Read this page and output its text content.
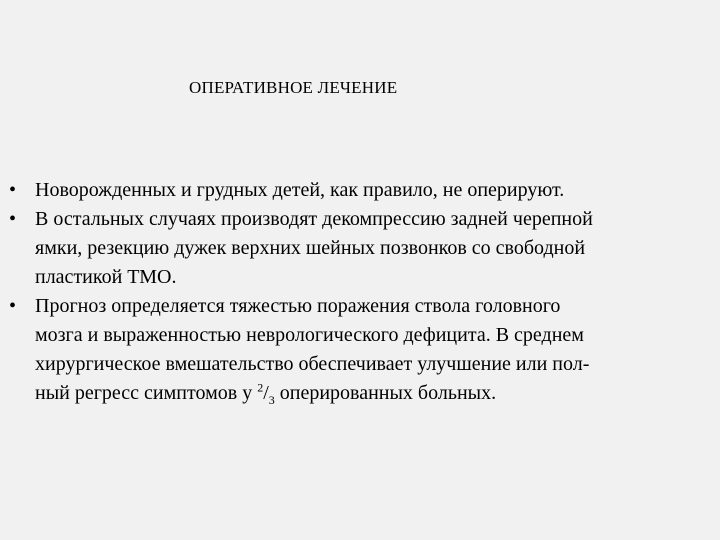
ОПЕРАТИВНОЕ ЛЕЧЕНИЕ
• Новорожденных и грудных детей, как правило, не оперируют.
• В остальных случаях производят декомпрессию задней черепной
ямки, резекцию дужек верхних шейных позвонков со свободной
пластикой ТМО.
• Прогноз определяется тяжестью поражения ствола головного
мозга и выраженностью неврологического дефицита. В среднем
хирургическое вмешательство обеспечивает улучшение или пол-
ный регресс симптомов у $^2/_3$ оперированных больных.
